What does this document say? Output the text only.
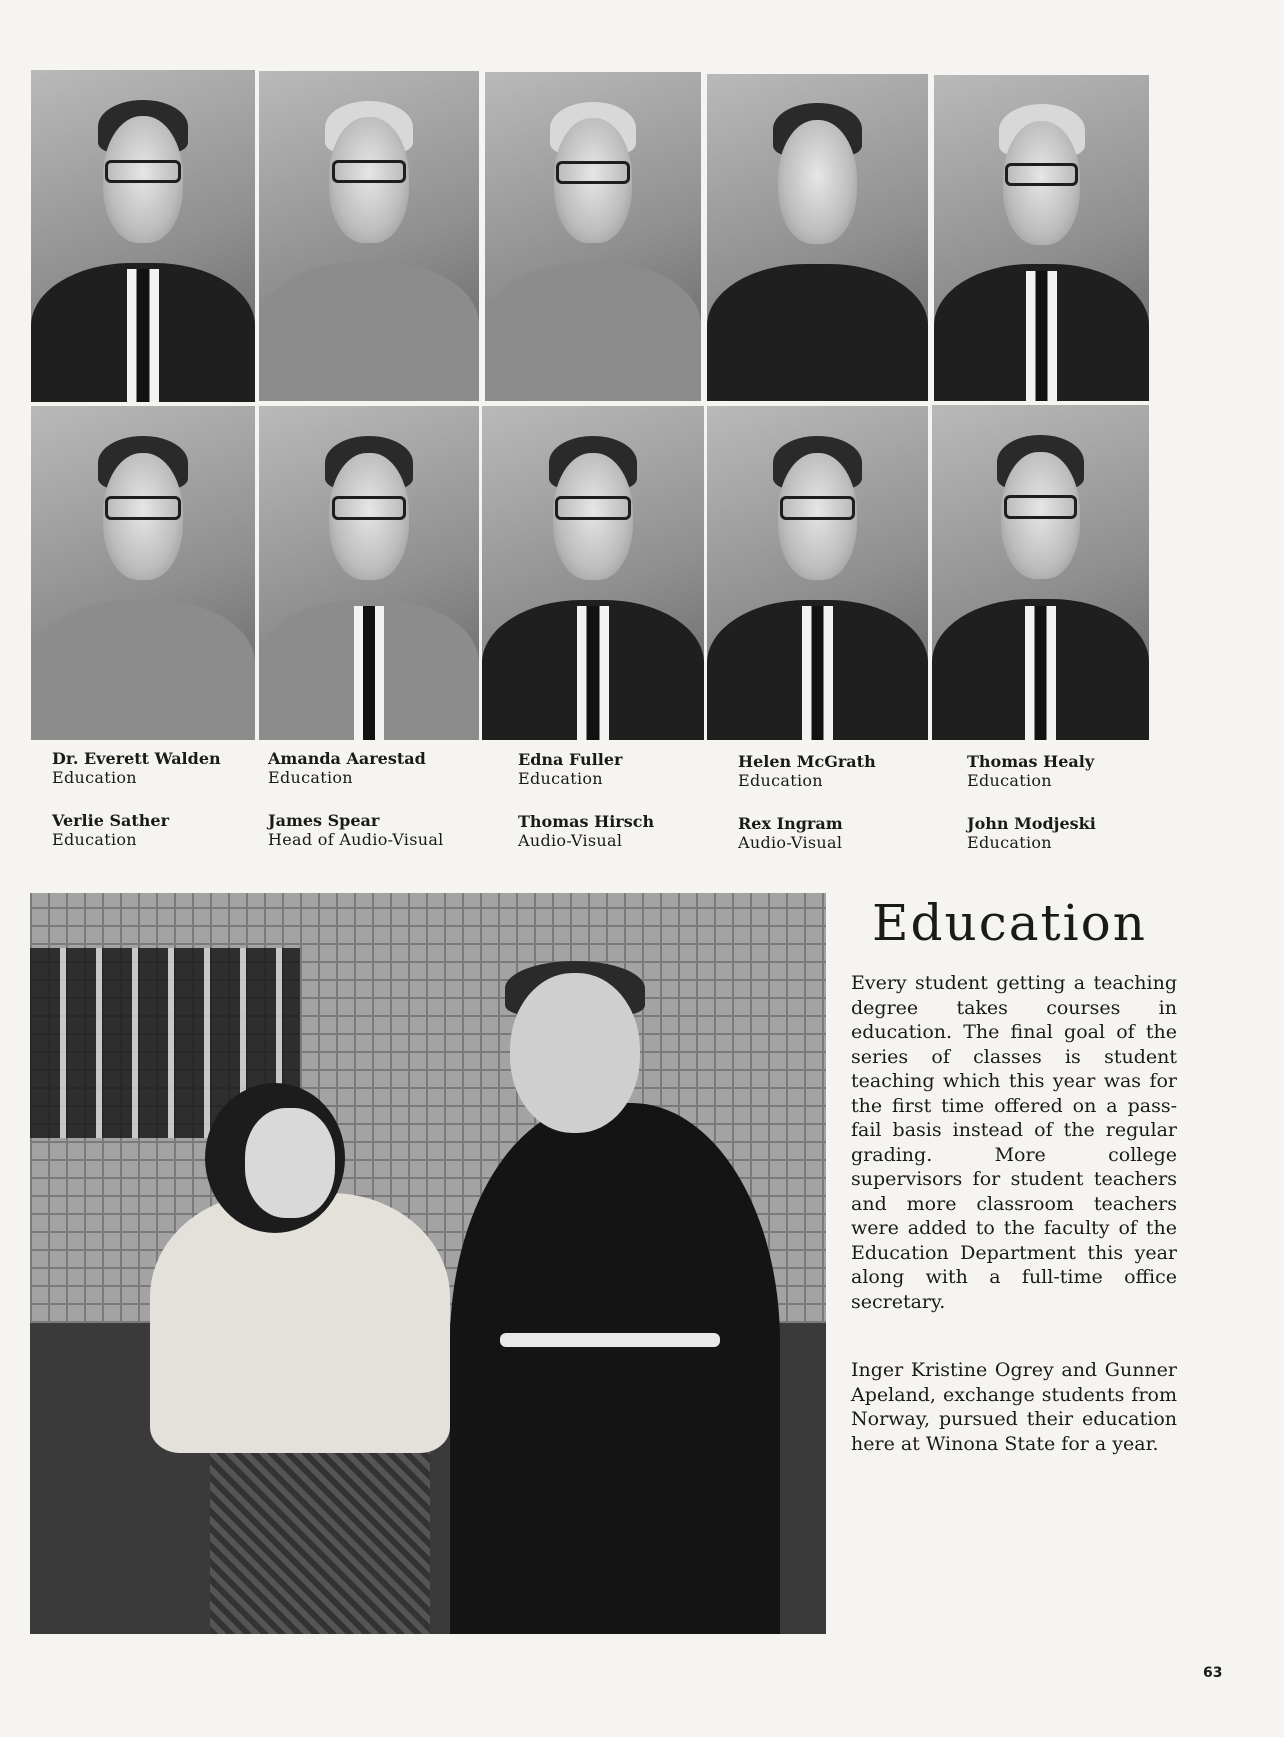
Dr. Everett Walden
Education
Amanda Aarestad
Education
Edna Fuller
Education
Helen McGrath
Education
Thomas Healy
Education
Verlie Sather
Education
James Spear
Head of Audio-Visual
Thomas Hirsch
Audio-Visual
Rex Ingram
Audio-Visual
John Modjeski
Education
Education

Every student getting a teaching degree takes courses in education. The final goal of the series of classes is student teaching which this year was for the first time offered on a pass-fail basis instead of the regular grading. More college supervisors for student teachers and more classroom teachers were added to the faculty of the Education Department this year along with a full-time office secretary.

Inger Kristine Ogrey and Gunner Apeland, exchange students from Norway, pursued their education here at Winona State for a year.

63
